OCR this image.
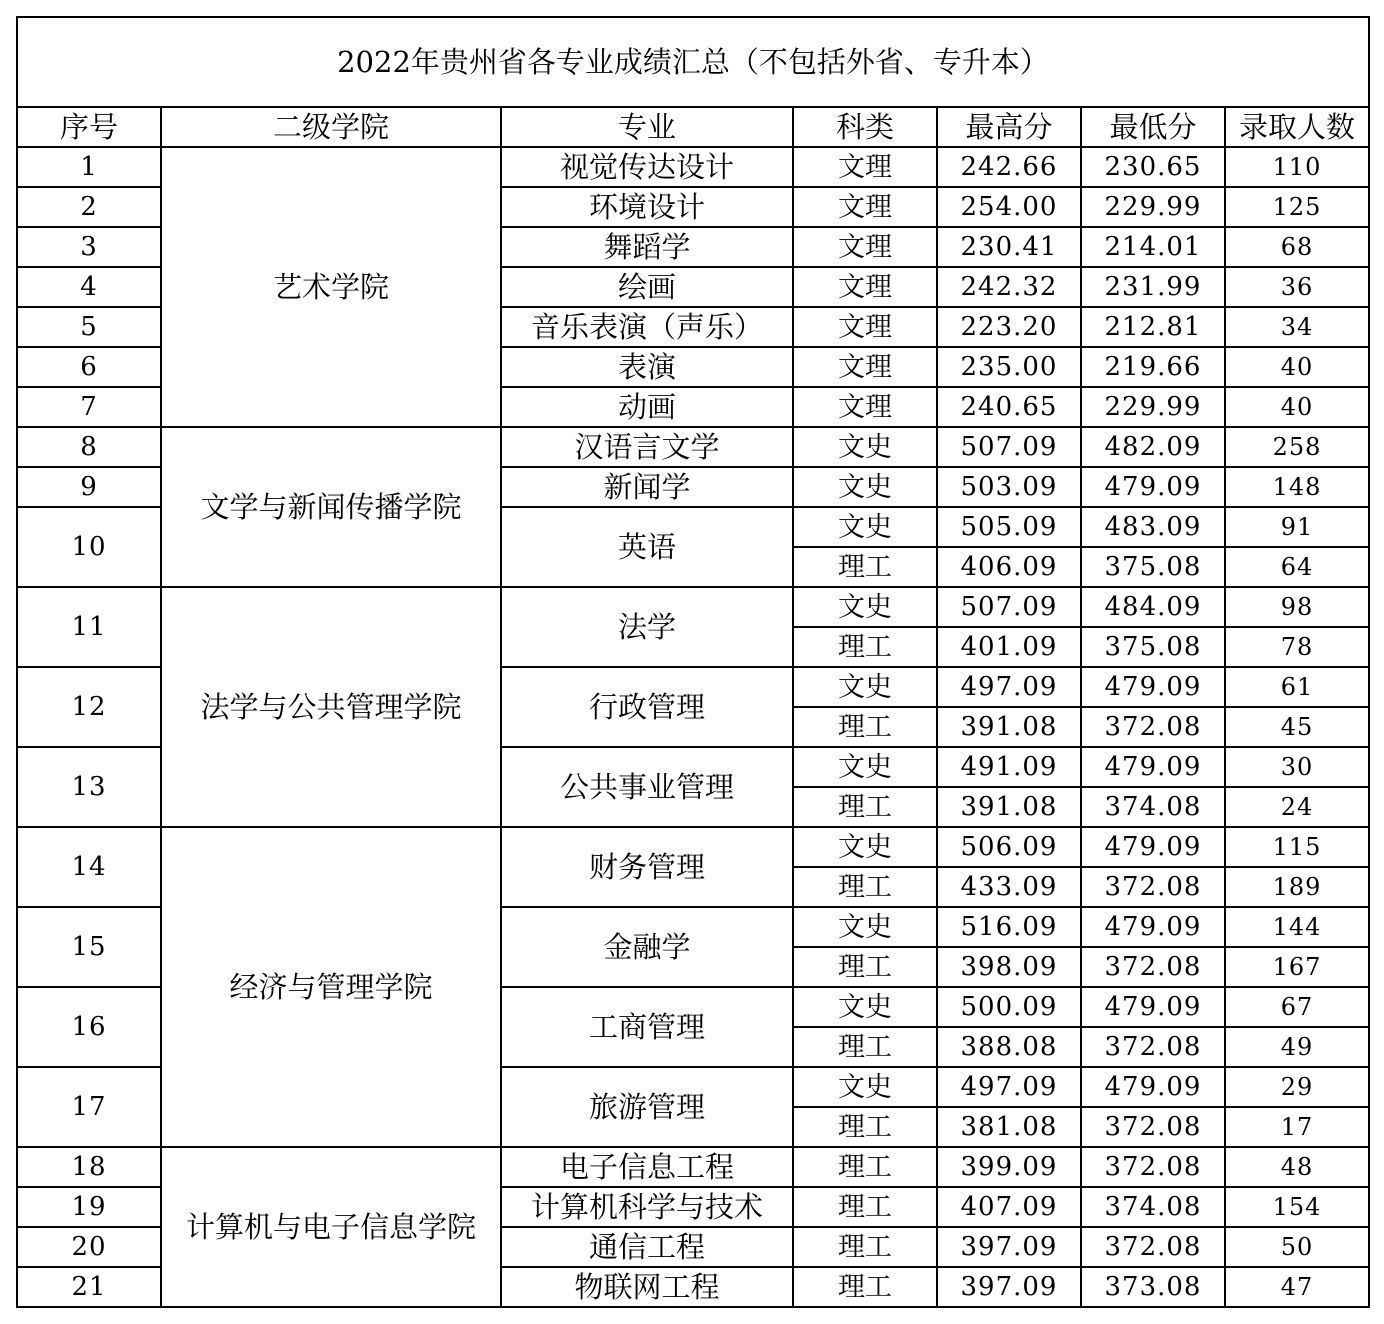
2022年贵州省各专业成绩汇总（不包括外省、专升本）						
序号	二级学院	专业	科类	最高分	最低分	录取人数
1	艺术学院	视觉传达设计	文理	242.66	230.65	110
2		环境设计	文理	254.00	229.99	125
3		舞蹈学	文理	230.41	214.01	68
4		绘画	文理	242.32	231.99	36
5		音乐表演（声乐）	文理	223.20	212.81	34
6		表演	文理	235.00	219.66	40
7		动画	文理	240.65	229.99	40
8	文学与新闻传播学院	汉语言文学	文史	507.09	482.09	258
9		新闻学	文史	503.09	479.09	148
10		英语	文史	505.09	483.09	91
			理工	406.09	375.08	64
11	法学与公共管理学院	法学	文史	507.09	484.09	98
			理工	401.09	375.08	78
12		行政管理	文史	497.09	479.09	61
			理工	391.08	372.08	45
13		公共事业管理	文史	491.09	479.09	30
			理工	391.08	374.08	24
14	经济与管理学院	财务管理	文史	506.09	479.09	115
			理工	433.09	372.08	189
15		金融学	文史	516.09	479.09	144
			理工	398.09	372.08	167
16		工商管理	文史	500.09	479.09	67
			理工	388.08	372.08	49
17		旅游管理	文史	497.09	479.09	29
			理工	381.08	372.08	17
18	计算机与电子信息学院	电子信息工程	理工	399.09	372.08	48
19		计算机科学与技术	理工	407.09	374.08	154
20		通信工程	理工	397.09	372.08	50
21		物联网工程	理工	397.09	373.08	47
